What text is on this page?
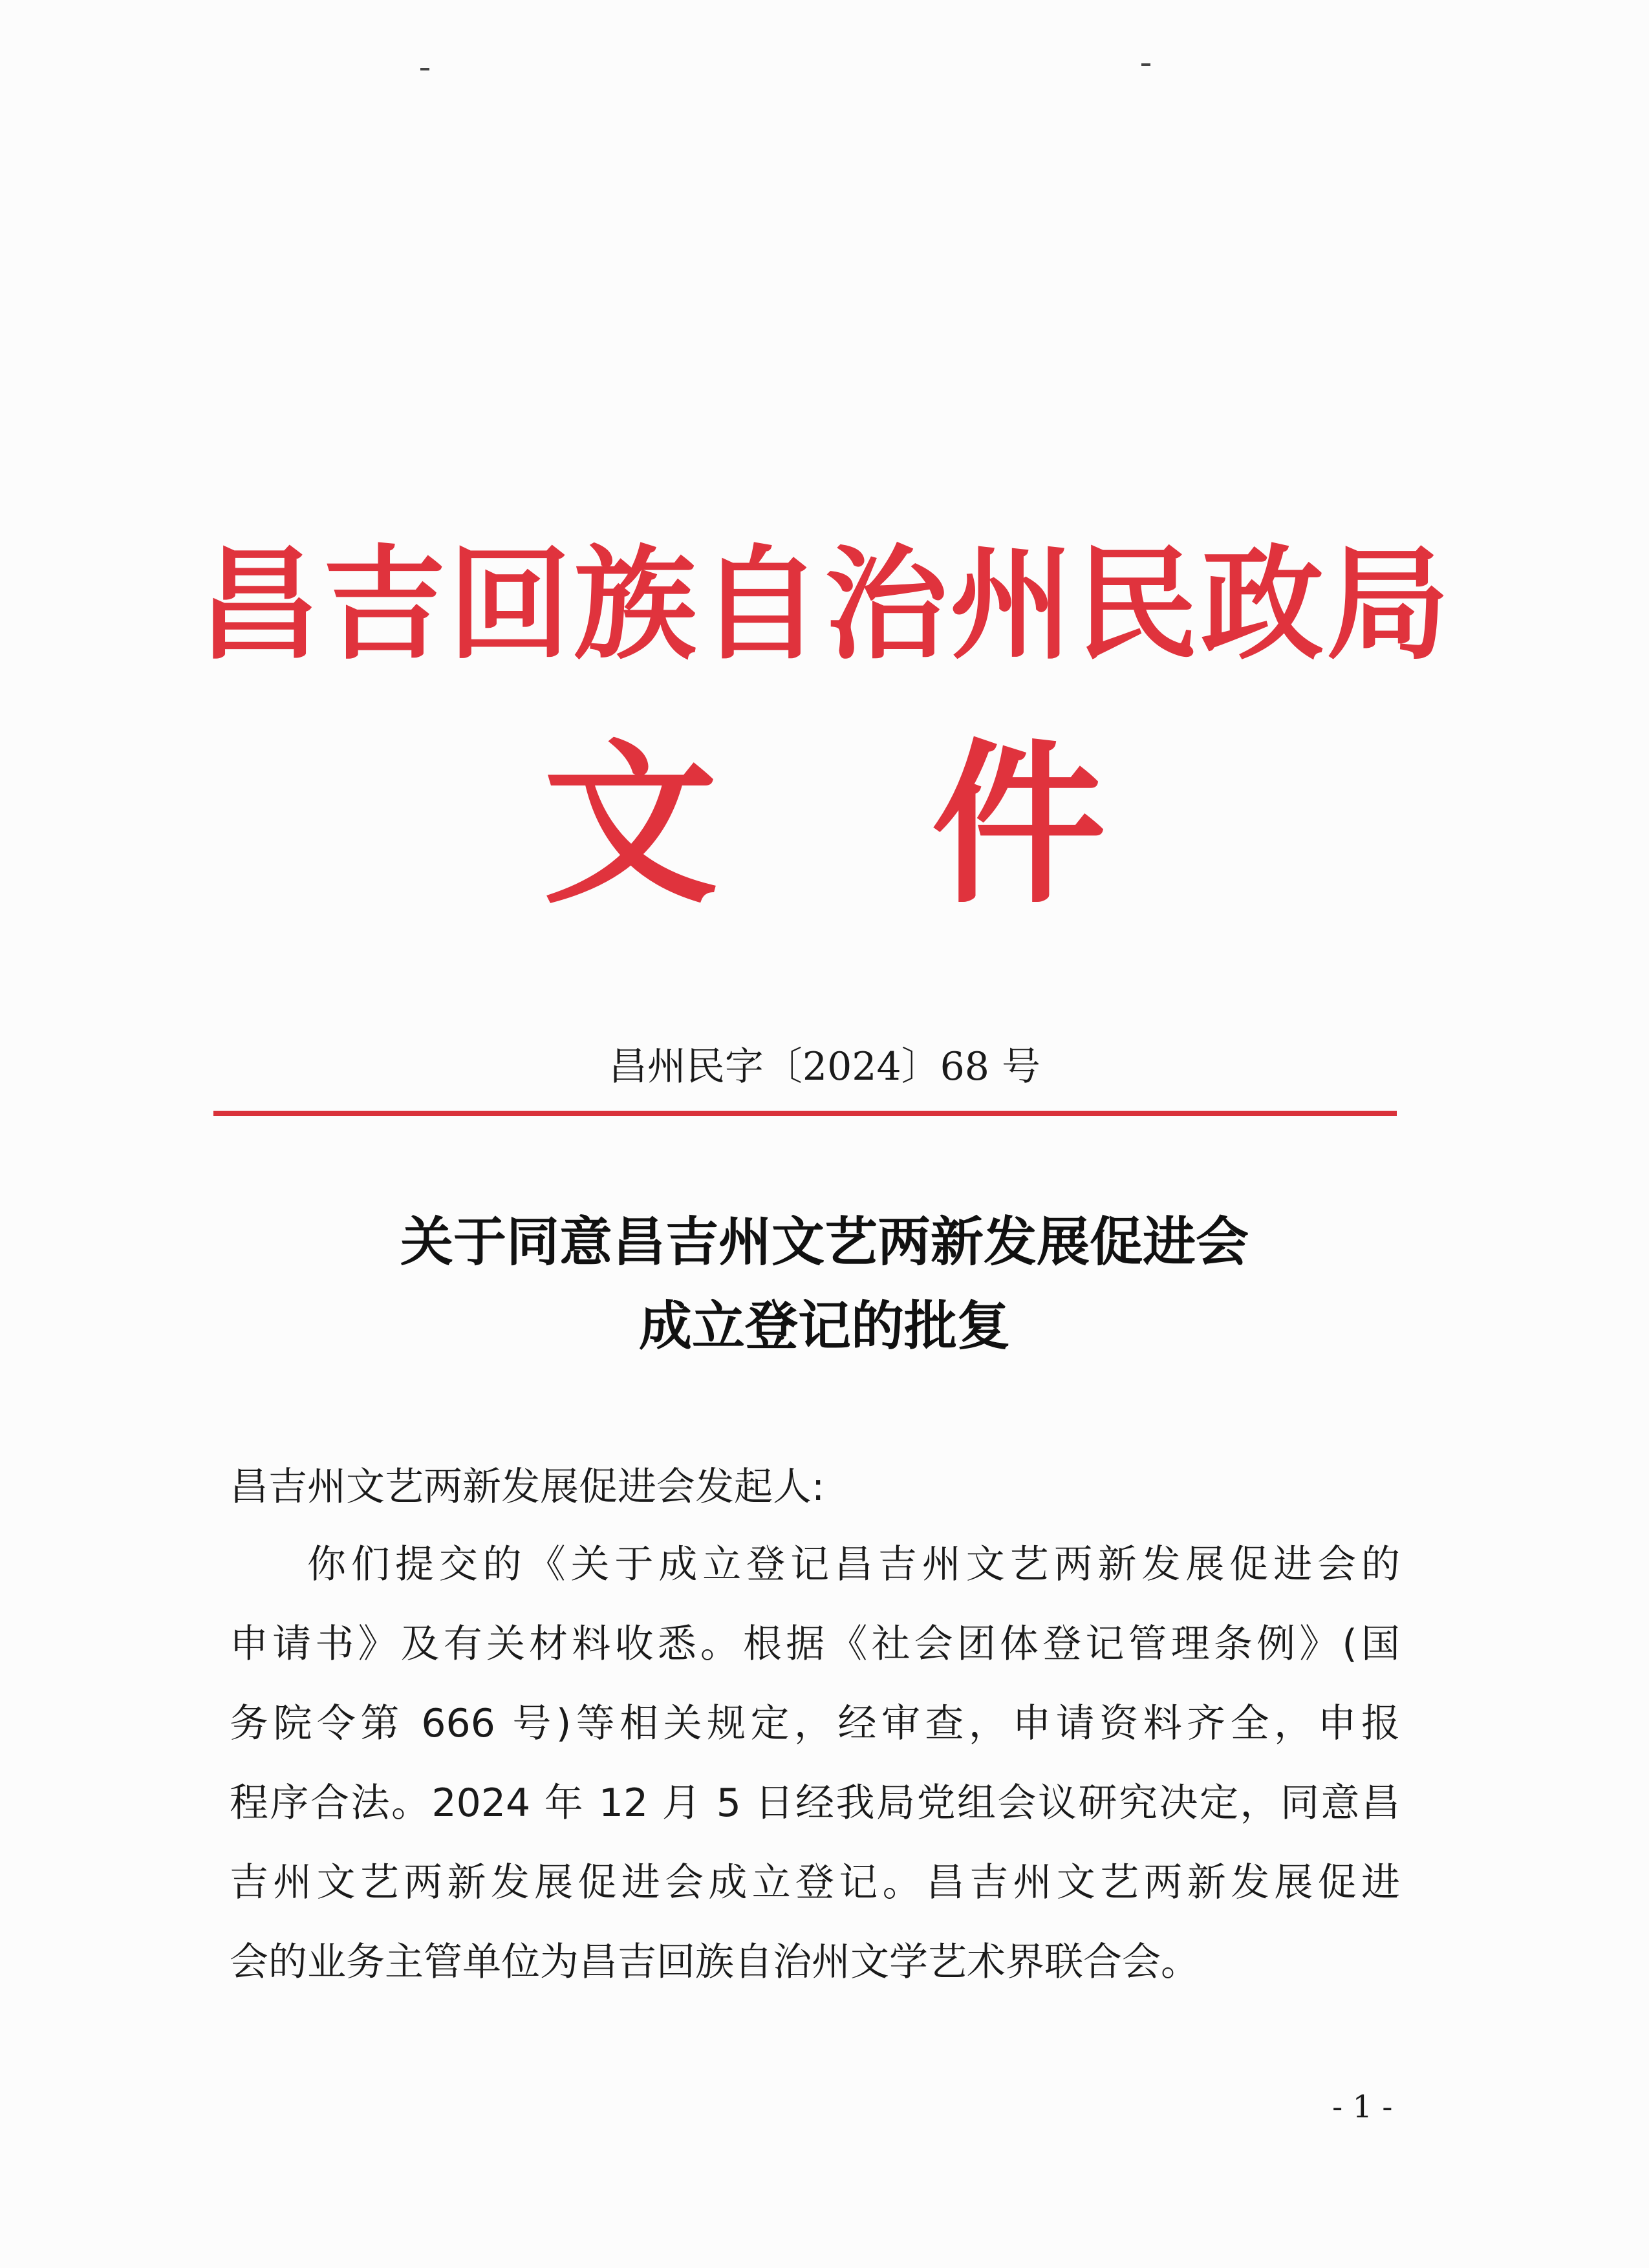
昌吉回族自治州民政局
文 件
昌州民字〔2024〕68 号
关于同意昌吉州文艺两新发展促进会
成立登记的批复
昌吉州文艺两新发展促进会发起人:
你们提交的《关于成立登记昌吉州文艺两新发展促进会的
申请书》及有关材料收悉。根据《社会团体登记管理条例》(国
务院令第 666 号)等相关规定，经审查，申请资料齐全，申报
程序合法。2024 年 12 月 5 日经我局党组会议研究决定，同意昌
吉州文艺两新发展促进会成立登记。昌吉州文艺两新发展促进
会的业务主管单位为昌吉回族自治州文学艺术界联合会。
- 1 -
